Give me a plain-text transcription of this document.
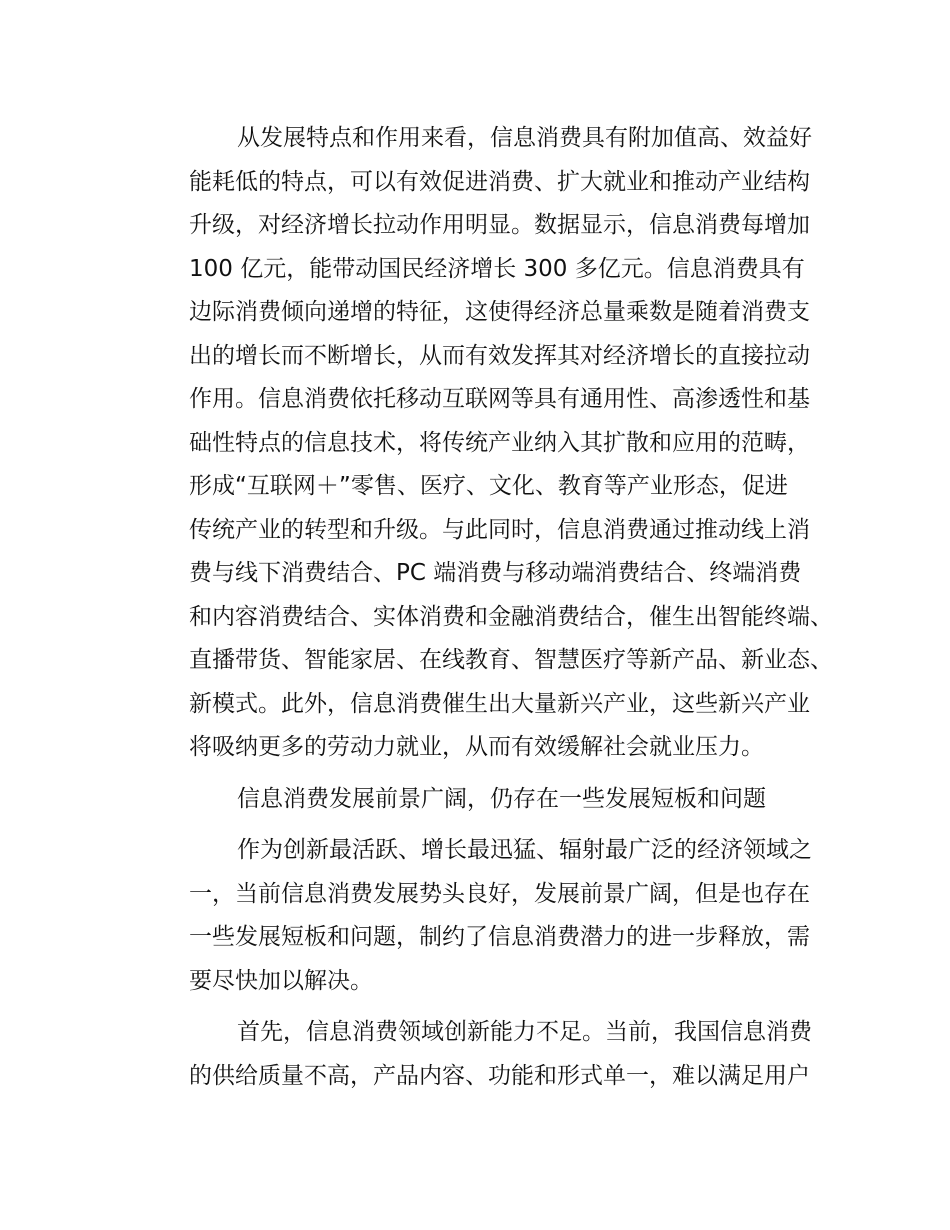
从发展特点和作用来看，信息消费具有附加值高、效益好
能耗低的特点，可以有效促进消费、扩大就业和推动产业结构
升级，对经济增长拉动作用明显。数据显示，信息消费每增加
100 亿元，能带动国民经济增长 300 多亿元。信息消费具有
边际消费倾向递增的特征，这使得经济总量乘数是随着消费支
出的增长而不断增长，从而有效发挥其对经济增长的直接拉动
作用。信息消费依托移动互联网等具有通用性、高渗透性和基
础性特点的信息技术，将传统产业纳入其扩散和应用的范畴，
形成“互联网＋”零售、医疗、文化、教育等产业形态，促进
传统产业的转型和升级。与此同时，信息消费通过推动线上消
费与线下消费结合、PC 端消费与移动端消费结合、终端消费
和内容消费结合、实体消费和金融消费结合，催生出智能终端、
直播带货、智能家居、在线教育、智慧医疗等新产品、新业态、
新模式。此外，信息消费催生出大量新兴产业，这些新兴产业
将吸纳更多的劳动力就业，从而有效缓解社会就业压力。
信息消费发展前景广阔，仍存在一些发展短板和问题
作为创新最活跃、增长最迅猛、辐射最广泛的经济领域之
一，当前信息消费发展势头良好，发展前景广阔，但是也存在
一些发展短板和问题，制约了信息消费潜力的进一步释放，需
要尽快加以解决。
首先，信息消费领域创新能力不足。当前，我国信息消费
的供给质量不高，产品内容、功能和形式单一，难以满足用户
